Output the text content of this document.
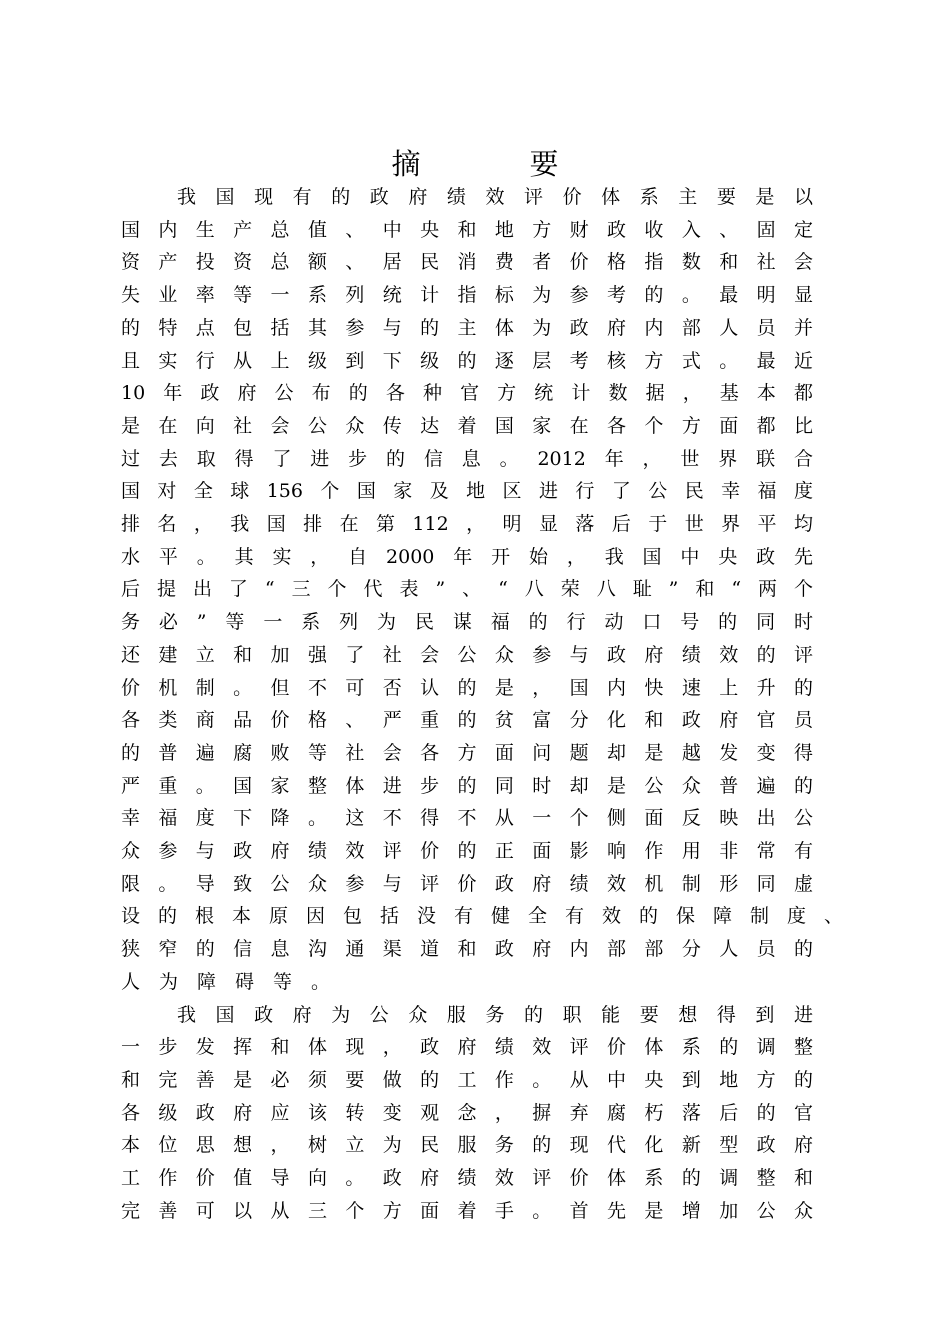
摘　要
我国现有的政府绩效评价体系主要是以
国内生产总值、中央和地方财政收入、固定
资产投资总额、居民消费者价格指数和社会
失业率等一系列统计指标为参考的。最明显
的特点包括其参与的主体为政府内部人员并
且实行从上级到下级的逐层考核方式。最近
10年政府公布的各种官方统计数据，基本都
是在向社会公众传达着国家在各个方面都比
过去取得了进步的信息。2012年，世界联合
国对全球156个国家及地区进行了公民幸福度
排名，我国排在第112，明显落后于世界平均
水平。其实，自2000年开始，我国中央政先
后提出了“三个代表”、“八荣八耻”和“两个
务必”等一系列为民谋福的行动口号的同时
还建立和加强了社会公众参与政府绩效的评
价机制。但不可否认的是，国内快速上升的
各类商品价格、严重的贫富分化和政府官员
的普遍腐败等社会各方面问题却是越发变得
严重。国家整体进步的同时却是公众普遍的
幸福度下降。这不得不从一个侧面反映出公
众参与政府绩效评价的正面影响作用非常有
限。导致公众参与评价政府绩效机制形同虚
设的根本原因包括没有健全有效的保障制度、
狭窄的信息沟通渠道和政府内部部分人员的
人为障碍等。
我国政府为公众服务的职能要想得到进
一步发挥和体现，政府绩效评价体系的调整
和完善是必须要做的工作。从中央到地方的
各级政府应该转变观念，摒弃腐朽落后的官
本位思想，树立为民服务的现代化新型政府
工作价值导向。政府绩效评价体系的调整和
完善可以从三个方面着手。首先是增加公众
